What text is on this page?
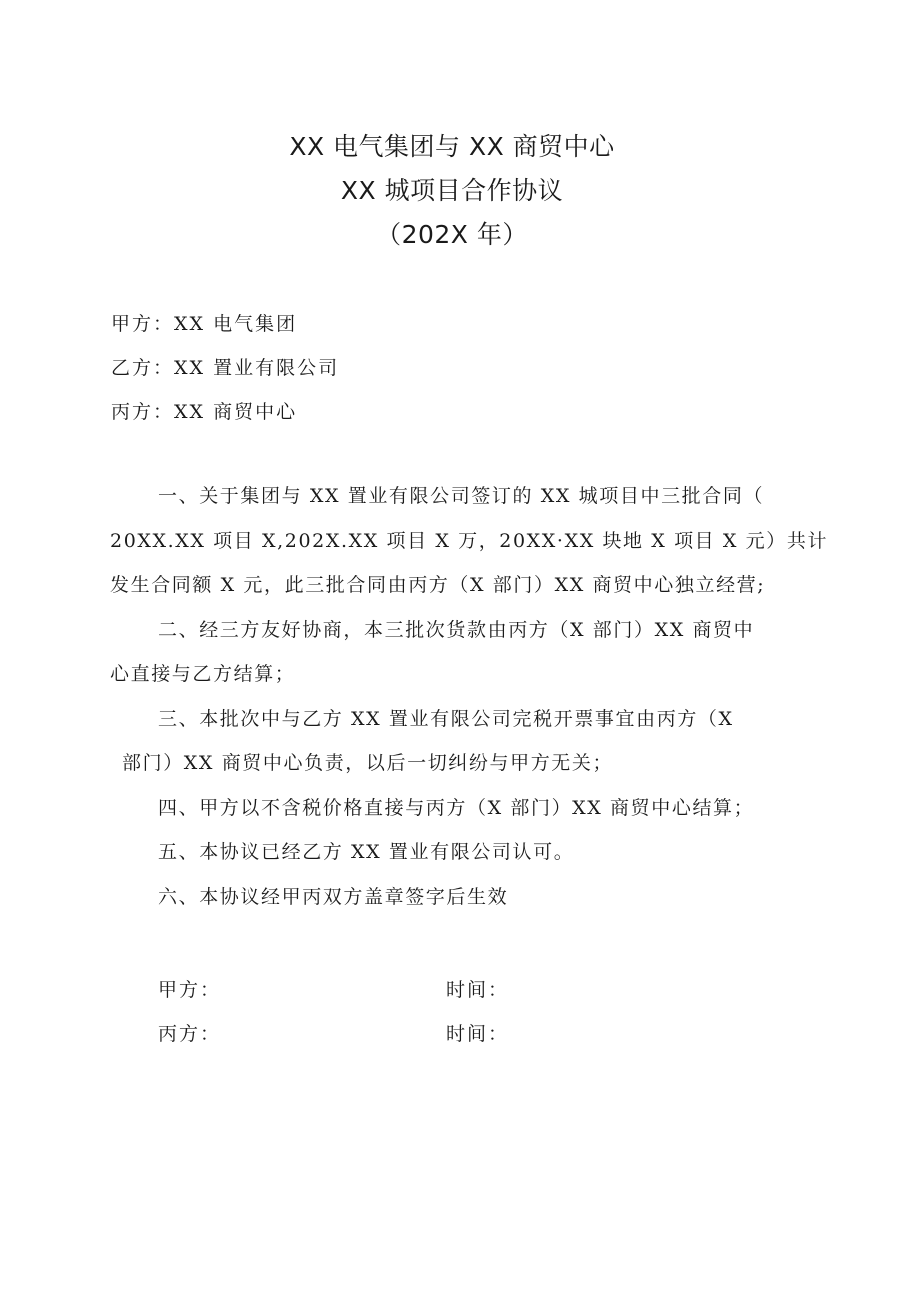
XX 电气集团与 XX 商贸中心
XX 城项目合作协议
（202X 年）
甲方：XX 电气集团
乙方：XX 置业有限公司
丙方：XX 商贸中心
一、关于集团与 XX 置业有限公司签订的 XX 城项目中三批合同（
20XX.XX 项目 X,202X.XX 项目 X 万，20XX·XX 块地 X 项目 X 元）共计
发生合同额 X 元，此三批合同由丙方（X 部门）XX 商贸中心独立经营;
二、经三方友好协商，本三批次货款由丙方（X 部门）XX 商贸中
心直接与乙方结算；
三、本批次中与乙方 XX 置业有限公司完税开票事宜由丙方（X
部门）XX 商贸中心负责，以后一切纠纷与甲方无关；
四、甲方以不含税价格直接与丙方（X 部门）XX 商贸中心结算；
五、本协议已经乙方 XX 置业有限公司认可。
六、本协议经甲丙双方盖章签字后生效
甲方：	时间：
丙方：	时间：
